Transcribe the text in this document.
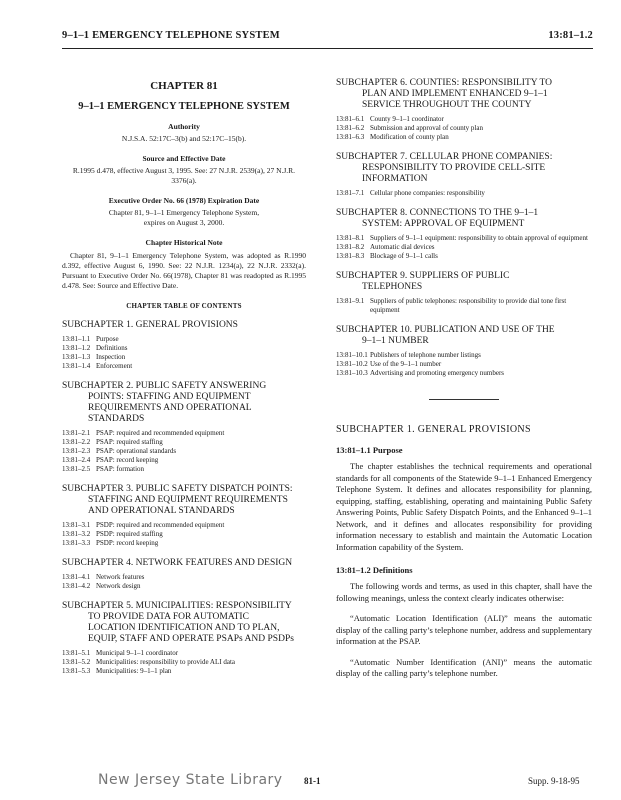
9–1–1 EMERGENCY TELEPHONE SYSTEM	13:81–1.2
CHAPTER 81
9–1–1 EMERGENCY TELEPHONE SYSTEM
Authority
N.J.S.A. 52:17C–3(b) and 52:17C–15(b).
Source and Effective Date
R.1995 d.478, effective August 3, 1995. See: 27 N.J.R. 2539(a), 27 N.J.R. 3376(a).
Executive Order No. 66 (1978) Expiration Date
Chapter 81, 9–1–1 Emergency Telephone System, expires on August 3, 2000.
Chapter Historical Note
Chapter 81, 9–1–1 Emergency Telephone System, was adopted as R.1990 d.392, effective August 6, 1990. See: 22 N.J.R. 1234(a), 22 N.J.R. 2332(a). Pursuant to Executive Order No. 66(1978), Chapter 81 was readopted as R.1995 d.478. See: Source and Effective Date.
CHAPTER TABLE OF CONTENTS
SUBCHAPTER 1. GENERAL PROVISIONS
13:81–1.1 Purpose
13:81–1.2 Definitions
13:81–1.3 Inspection
13:81–1.4 Enforcement
SUBCHAPTER 2. PUBLIC SAFETY ANSWERING
POINTS: STAFFING AND EQUIPMENT
REQUIREMENTS AND OPERATIONAL
STANDARDS
13:81–2.1 PSAP: required and recommended equipment
13:81–2.2 PSAP: required staffing
13:81–2.3 PSAP: operational standards
13:81–2.4 PSAP: record keeping
13:81–2.5 PSAP: formation
SUBCHAPTER 3. PUBLIC SAFETY DISPATCH POINTS:
STAFFING AND EQUIPMENT REQUIREMENTS
AND OPERATIONAL STANDARDS
13:81–3.1 PSDP: required and recommended equipment
13:81–3.2 PSDP: required staffing
13:81–3.3 PSDP: record keeping
SUBCHAPTER 4. NETWORK FEATURES AND DESIGN
13:81–4.1 Network features
13:81–4.2 Network design
SUBCHAPTER 5. MUNICIPALITIES: RESPONSIBILITY
TO PROVIDE DATA FOR AUTOMATIC
LOCATION IDENTIFICATION AND TO PLAN,
EQUIP, STAFF AND OPERATE PSAPs AND PSDPs
13:81–5.1 Municipal 9–1–1 coordinator
13:81–5.2 Municipalities: responsibility to provide ALI data
13:81–5.3 Municipalities: 9–1–1 plan
SUBCHAPTER 6. COUNTIES: RESPONSIBILITY TO
PLAN AND IMPLEMENT ENHANCED 9–1–1
SERVICE THROUGHOUT THE COUNTY
13:81–6.1 County 9–1–1 coordinator
13:81–6.2 Submission and approval of county plan
13:81–6.3 Modification of county plan
SUBCHAPTER 7. CELLULAR PHONE COMPANIES:
RESPONSIBILITY TO PROVIDE CELL-SITE
INFORMATION
13:81–7.1 Cellular phone companies: responsibility
SUBCHAPTER 8. CONNECTIONS TO THE 9–1–1
SYSTEM: APPROVAL OF EQUIPMENT
13:81–8.1 Suppliers of 9–1–1 equipment: responsibility to obtain approval of equipment
13:81–8.2 Automatic dial devices
13:81–8.3 Blockage of 9–1–1 calls
SUBCHAPTER 9. SUPPLIERS OF PUBLIC
TELEPHONES
13:81–9.1 Suppliers of public telephones: responsibility to provide dial tone first equipment
SUBCHAPTER 10. PUBLICATION AND USE OF THE
9–1–1 NUMBER
13:81–10.1 Publishers of telephone number listings
13:81–10.2 Use of the 9–1–1 number
13:81–10.3 Advertising and promoting emergency numbers
SUBCHAPTER 1. GENERAL PROVISIONS
13:81–1.1 Purpose
The chapter establishes the technical requirements and operational standards for all components of the Statewide 9–1–1 Enhanced Emergency Telephone System. It defines and allocates responsibility for planning, equipping, staffing, establishing, operating and maintaining Public Safety Answering Points, Public Safety Dispatch Points, and the Enhanced 9–1–1 Network, and it defines and allocates responsibility for providing information necessary to establish and maintain the Automatic Location Information capability of the System.
13:81–1.2 Definitions
The following words and terms, as used in this chapter, shall have the following meanings, unless the context clearly indicates otherwise:
“Automatic Location Identification (ALI)” means the automatic display of the calling party’s telephone number, address and supplementary information at the PSAP.
“Automatic Number Identification (ANI)” means the automatic display of the calling party’s telephone number.
New Jersey State Library 81-1	Supp. 9-18-95
